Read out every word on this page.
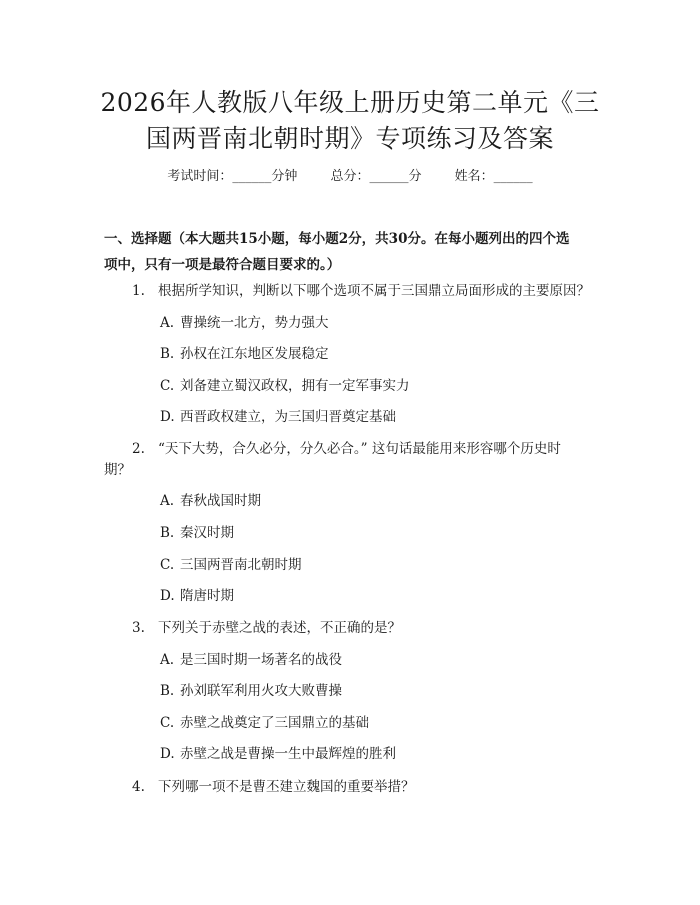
2026年人教版八年级上册历史第二单元《三
国两晋南北朝时期》专项练习及答案
考试时间：______分钟	总分：______分	姓名：______
一、选择题（本大题共15小题，每小题2分，共30分。在每小题列出的四个选
项中，只有一项是最符合题目要求的。）
1. 根据所学知识，判断以下哪个选项不属于三国鼎立局面形成的主要原因？
A. 曹操统一北方，势力强大
B. 孙权在江东地区发展稳定
C. 刘备建立蜀汉政权，拥有一定军事实力
D. 西晋政权建立，为三国归晋奠定基础
2. “天下大势，合久必分，分久必合。” 这句话最能用来形容哪个历史时
期？
A. 春秋战国时期
B. 秦汉时期
C. 三国两晋南北朝时期
D. 隋唐时期
3. 下列关于赤壁之战的表述，不正确的是？
A. 是三国时期一场著名的战役
B. 孙刘联军利用火攻大败曹操
C. 赤壁之战奠定了三国鼎立的基础
D. 赤壁之战是曹操一生中最辉煌的胜利
4. 下列哪一项不是曹丕建立魏国的重要举措？
